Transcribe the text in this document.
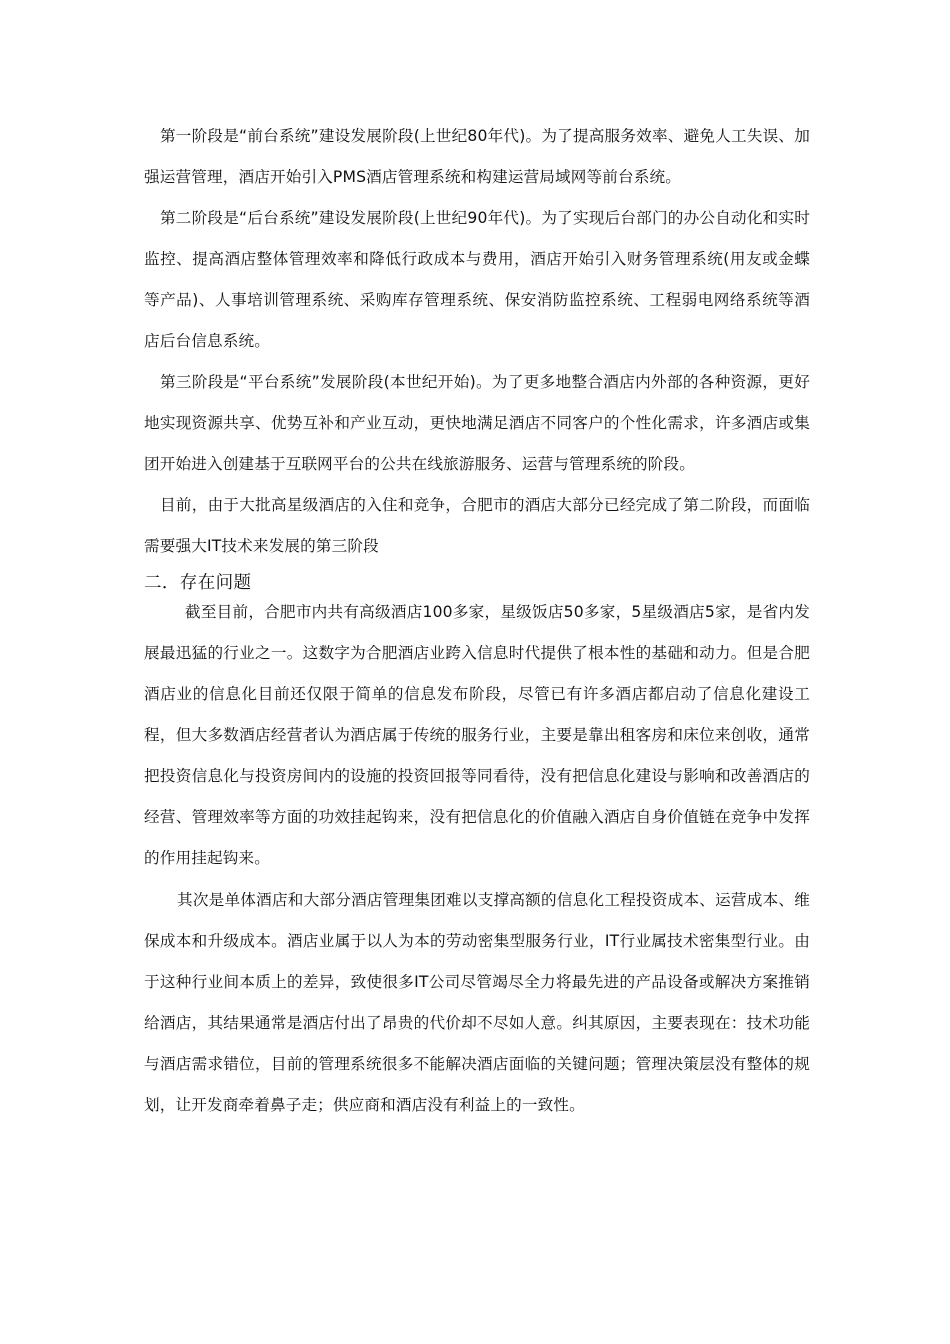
第一阶段是“前台系统”建设发展阶段(上世纪80年代)。为了提高服务效率、避免人工失误、加强运营管理，酒店开始引入PMS酒店管理系统和构建运营局域网等前台系统。

第二阶段是“后台系统”建设发展阶段(上世纪90年代)。为了实现后台部门的办公自动化和实时监控、提高酒店整体管理效率和降低行政成本与费用，酒店开始引入财务管理系统(用友或金蝶等产品)、人事培训管理系统、采购库存管理系统、保安消防监控系统、工程弱电网络系统等酒店后台信息系统。

第三阶段是“平台系统”发展阶段(本世纪开始)。为了更多地整合酒店内外部的各种资源，更好地实现资源共享、优势互补和产业互动，更快地满足酒店不同客户的个性化需求，许多酒店或集团开始进入创建基于互联网平台的公共在线旅游服务、运营与管理系统的阶段。

目前，由于大批高星级酒店的入住和竞争，合肥市的酒店大部分已经完成了第二阶段，而面临需要强大IT技术来发展的第三阶段

二．存在问题

截至目前，合肥市内共有高级酒店100多家，星级饭店50多家，5星级酒店5家，是省内发展最迅猛的行业之一。这数字为合肥酒店业跨入信息时代提供了根本性的基础和动力。但是合肥酒店业的信息化目前还仅限于简单的信息发布阶段，尽管已有许多酒店都启动了信息化建设工程，但大多数酒店经营者认为酒店属于传统的服务行业，主要是靠出租客房和床位来创收，通常把投资信息化与投资房间内的设施的投资回报等同看待，没有把信息化建设与影响和改善酒店的经营、管理效率等方面的功效挂起钩来，没有把信息化的价值融入酒店自身价值链在竞争中发挥的作用挂起钩来。

其次是单体酒店和大部分酒店管理集团难以支撑高额的信息化工程投资成本、运营成本、维保成本和升级成本。酒店业属于以人为本的劳动密集型服务行业，IT行业属技术密集型行业。由于这种行业间本质上的差异，致使很多IT公司尽管竭尽全力将最先进的产品设备或解决方案推销给酒店，其结果通常是酒店付出了昂贵的代价却不尽如人意。纠其原因，主要表现在：技术功能与酒店需求错位，目前的管理系统很多不能解决酒店面临的关键问题；管理决策层没有整体的规划，让开发商牵着鼻子走；供应商和酒店没有利益上的一致性。
